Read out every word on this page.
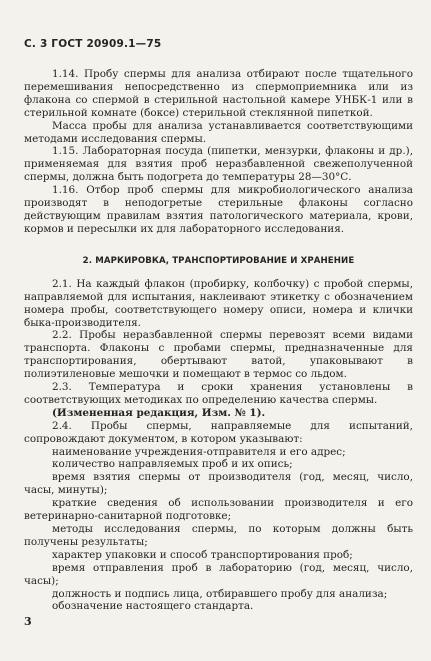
С. 3 ГОСТ 20909.1—75

1.14. Пробу спермы для анализа отбирают после тщательного перемешивания непосредственно из спермоприемника или из флакона со спермой в стерильной настольной камере УНБК-1 или в стерильной комнате (боксе) стерильной стеклянной пипеткой.

Масса пробы для анализа устанавливается соответствующими методами исследования спермы.

1.15. Лабораторная посуда (пипетки, мензурки, флаконы и др.), применяемая для взятия проб неразбавленной свежеполученной спермы, должна быть подогрета до температуры 28—30°С.

1.16. Отбор проб спермы для микробиологического анализа производят в неподогретые стерильные флаконы согласно действующим правилам взятия патологического материала, крови, кормов и пересылки их для лабораторного исследования.

2. МАРКИРОВКА, ТРАНСПОРТИРОВАНИЕ И ХРАНЕНИЕ

2.1. На каждый флакон (пробирку, колбочку) с пробой спермы, направляемой для испытания, наклеивают этикетку с обозначением номера пробы, соответствующего номеру описи, номера и клички быка-производителя.

2.2. Пробы неразбавленной спермы перевозят всеми видами транспорта. Флаконы с пробами спермы, предназначенные для транспортирования, обертывают ватой, упаковывают в полиэтиленовые мешочки и помещают в термос со льдом.

2.3. Температура и сроки хранения установлены в соответствующих методиках по определению качества спермы.

(Измененная редакция, Изм. № 1).

2.4. Пробы спермы, направляемые для испытаний, сопровождают документом, в котором указывают:

наименование учреждения-отправителя и его адрес;

количество направляемых проб и их опись;

время взятия спермы от производителя (год, месяц, число, часы, минуты);

краткие сведения об использовании производителя и его ветеринарно-санитарной подготовке;

методы исследования спермы, по которым должны быть получены результаты;

характер упаковки и способ транспортирования проб;

время отправления проб в лабораторию (год, месяц, число, часы);

должность и подпись лица, отбиравшего пробу для анализа;

обозначение настоящего стандарта.

3
